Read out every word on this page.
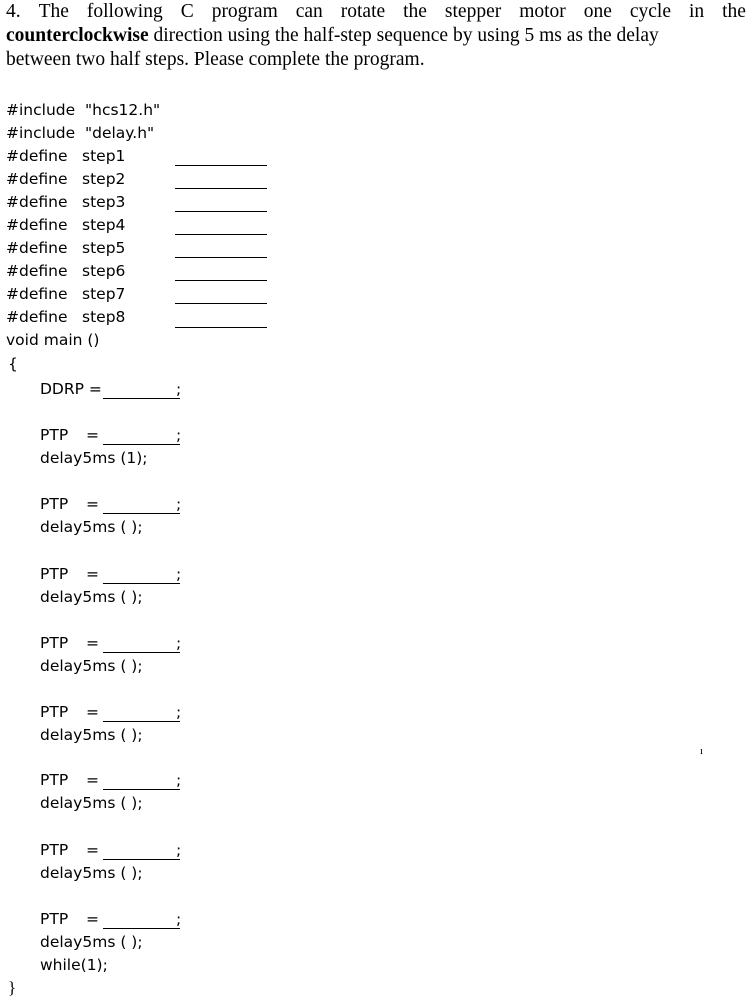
4. The following C program can rotate the stepper motor one cycle in the
counterclockwise direction using the half-step sequence by using 5 ms as the delay
between two half steps. Please complete the program.
#include  "hcs12.h"
#include  "delay.h"
#define step1
#define step2
#define step3
#define step4
#define step5
#define step6
#define step7
#define step8
void main ()
{
DDRP =	;
PTP =	;
delay5ms (1);
PTP =	;
delay5ms ( );
PTP =	;
delay5ms ( );
PTP =	;
delay5ms ( );
PTP =	;
delay5ms ( );
PTP =	;
delay5ms ( );
PTP =	;
delay5ms ( );
PTP =	;
delay5ms ( );
while(1);
}
ı
